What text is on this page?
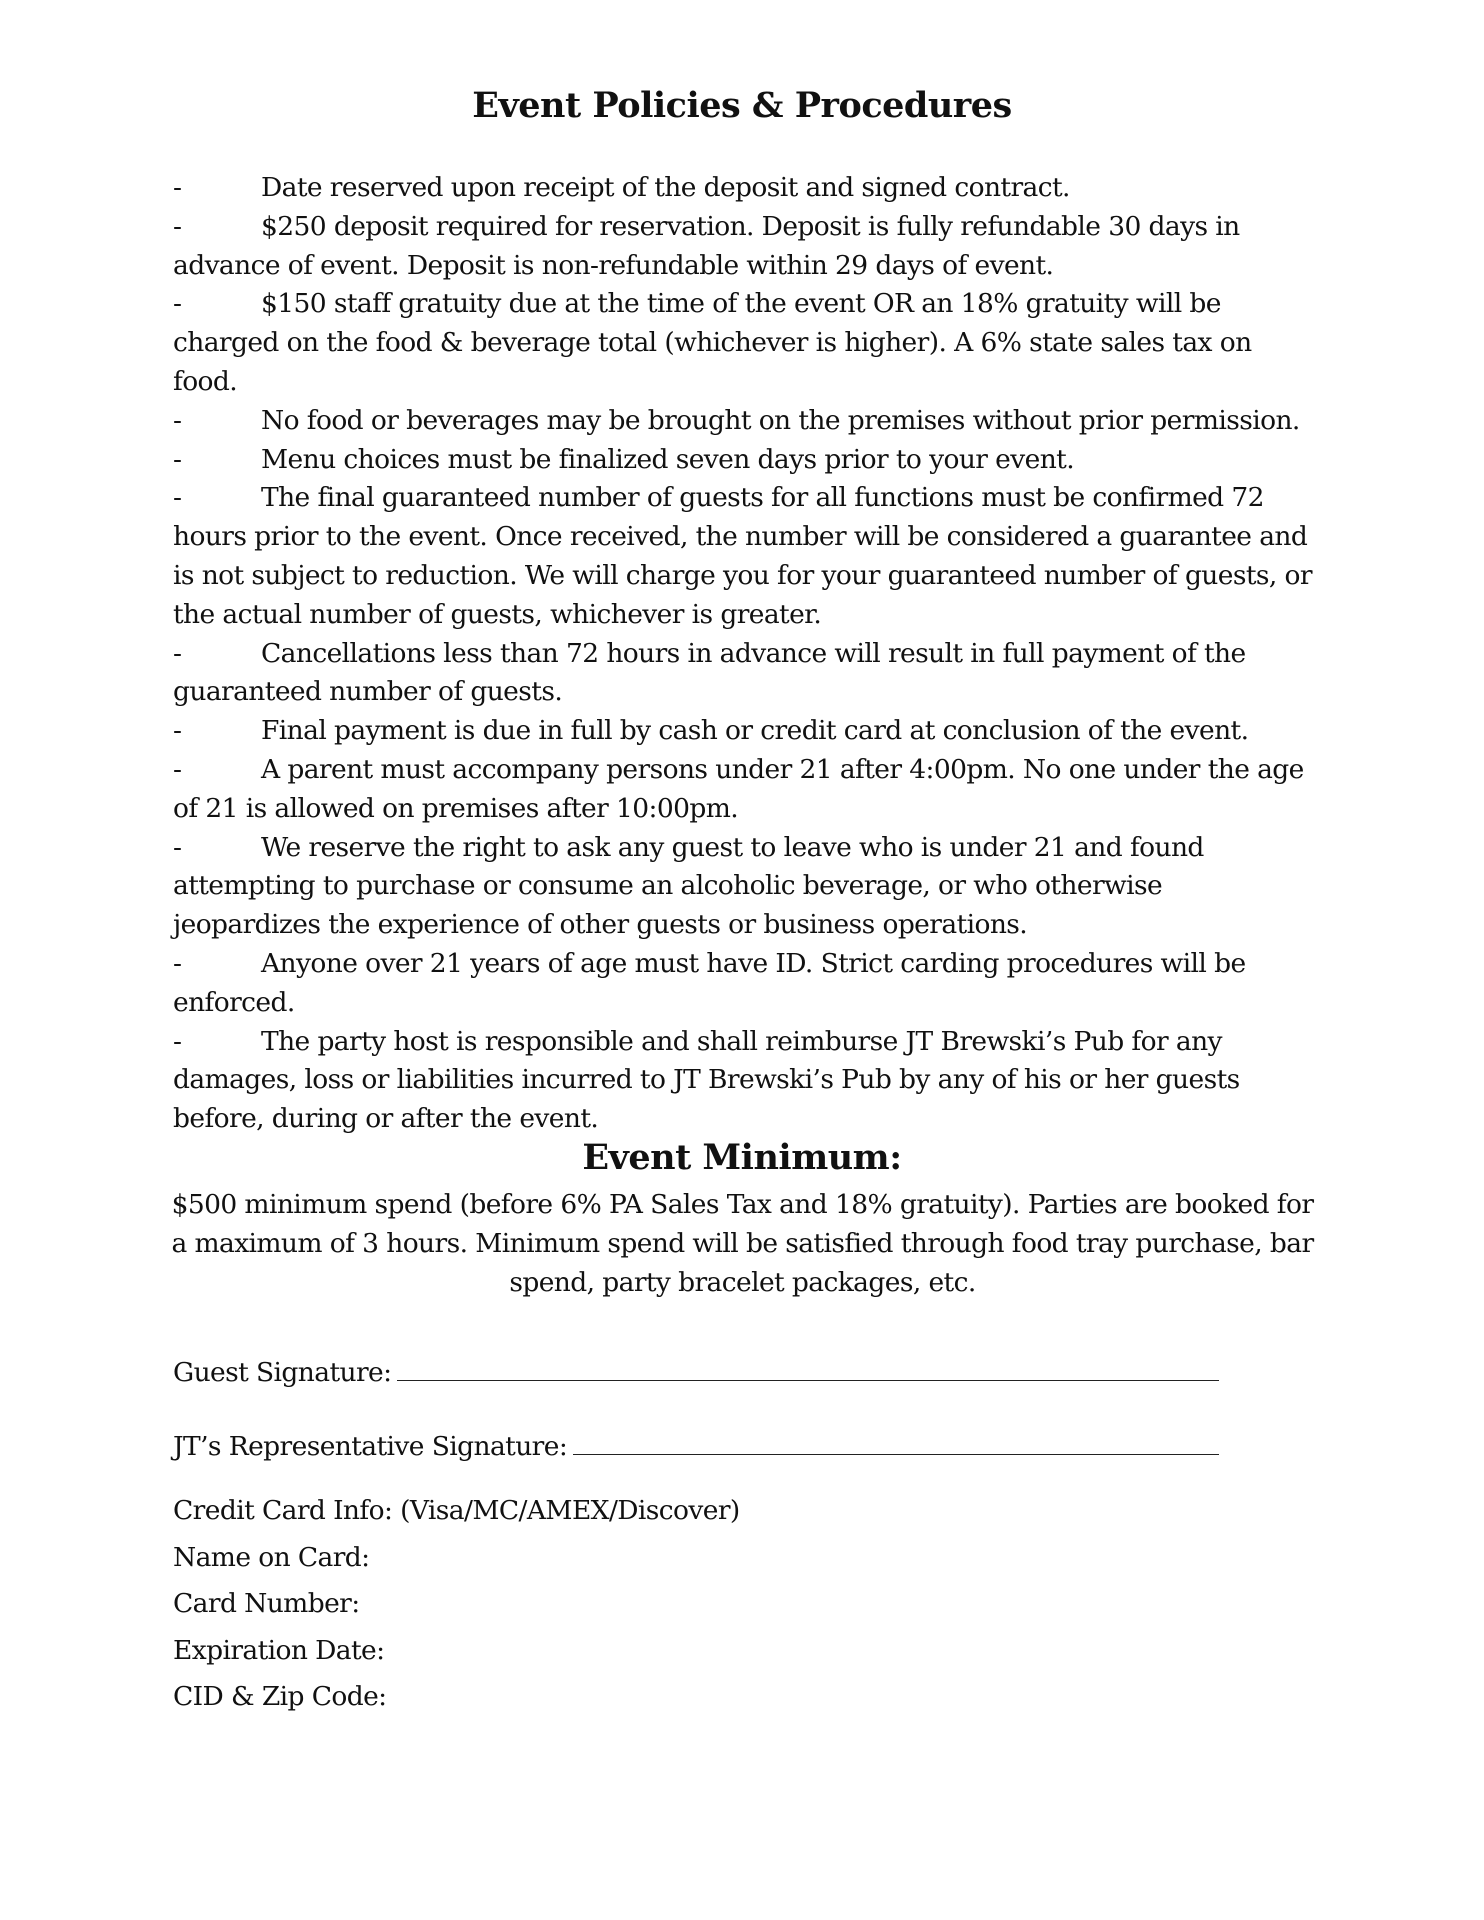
Event Policies & Procedures

-	Date reserved upon receipt of the deposit and signed contract.

-	$250 deposit required for reservation. Deposit is fully refundable 30 days in advance of event. Deposit is non-refundable within 29 days of event.

-	$150 staff gratuity due at the time of the event OR an 18% gratuity will be charged on the food & beverage total (whichever is higher). A 6% state sales tax on food.

-	No food or beverages may be brought on the premises without prior permission.

-	Menu choices must be finalized seven days prior to your event.

-	The final guaranteed number of guests for all functions must be confirmed 72 hours prior to the event. Once received, the number will be considered a guarantee and is not subject to reduction. We will charge you for your guaranteed number of guests, or the actual number of guests, whichever is greater.

-	Cancellations less than 72 hours in advance will result in full payment of the guaranteed number of guests.

-	Final payment is due in full by cash or credit card at conclusion of the event.

-	A parent must accompany persons under 21 after 4:00pm. No one under the age of 21 is allowed on premises after 10:00pm.

-	We reserve the right to ask any guest to leave who is under 21 and found attempting to purchase or consume an alcoholic beverage, or who otherwise jeopardizes the experience of other guests or business operations.

-	Anyone over 21 years of age must have ID. Strict carding procedures will be enforced.

-	The party host is responsible and shall reimburse JT Brewski’s Pub for any damages, loss or liabilities incurred to JT Brewski’s Pub by any of his or her guests before, during or after the event.

Event Minimum:
$500 minimum spend (before 6% PA Sales Tax and 18% gratuity). Parties are booked for a maximum of 3 hours. Minimum spend will be satisfied through food tray purchase, bar spend, party bracelet packages, etc.
Guest Signature:
JT’s Representative Signature:
Credit Card Info: (Visa/MC/AMEX/Discover)
Name on Card:
Card Number:
Expiration Date:
CID & Zip Code:
